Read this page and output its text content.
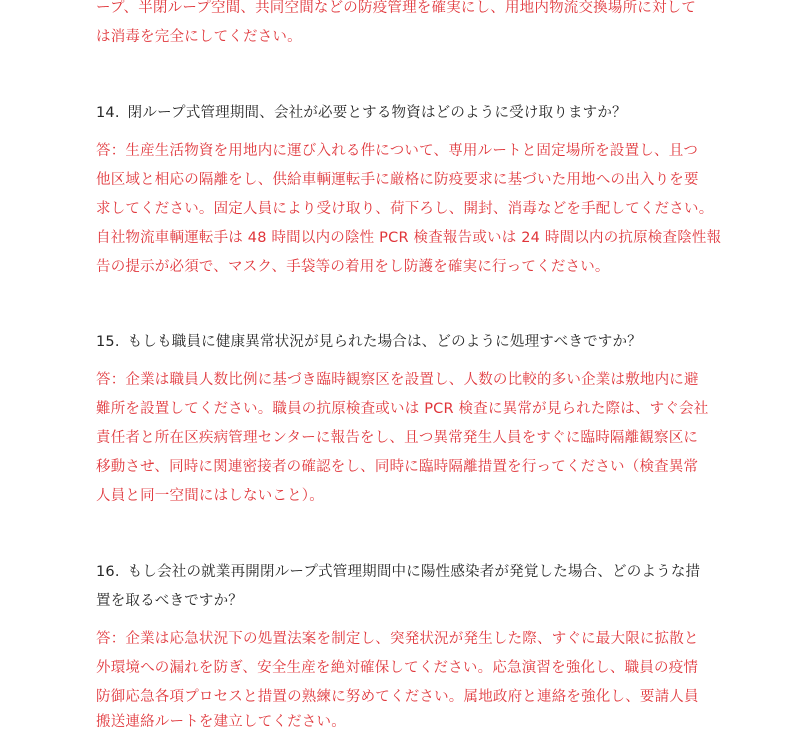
ープ、半閉ループ空間、共同空間などの防疫管理を確実にし、用地内物流交換場所に対して
は消毒を完全にしてください。
14. 閉ループ式管理期間、会社が必要とする物資はどのように受け取りますか？
答：生産生活物資を用地内に運び入れる件について、専用ルートと固定場所を設置し、且つ
他区域と相応の隔離をし、供給車輌運転手に厳格に防疫要求に基づいた用地への出入りを要
求してください。固定人員により受け取り、荷下ろし、開封、消毒などを手配してください。
自社物流車輌運転手は 48 時間以内の陰性 PCR 検査報告或いは 24 時間以内の抗原検査陰性報
告の提示が必須で、マスク、手袋等の着用をし防護を確実に行ってください。
15. もしも職員に健康異常状況が見られた場合は、どのように処理すべきですか？
答：企業は職員人数比例に基づき臨時観察区を設置し、人数の比較的多い企業は敷地内に避
難所を設置してください。職員の抗原検査或いは PCR 検査に異常が見られた際は、すぐ会社
責任者と所在区疾病管理センターに報告をし、且つ異常発生人員をすぐに臨時隔離観察区に
移動させ、同時に関連密接者の確認をし、同時に臨時隔離措置を行ってください（検査異常
人員と同一空間にはしないこと）。
16. もし会社の就業再開閉ループ式管理期間中に陽性感染者が発覚した場合、どのような措
置を取るべきですか？
答：企業は応急状況下の処置法案を制定し、突発状況が発生した際、すぐに最大限に拡散と
外環境への漏れを防ぎ、安全生産を絶対確保してください。応急演習を強化し、職員の疫情
防御応急各項プロセスと措置の熟練に努めてください。属地政府と連絡を強化し、要請人員
搬送連絡ルートを建立してください。
